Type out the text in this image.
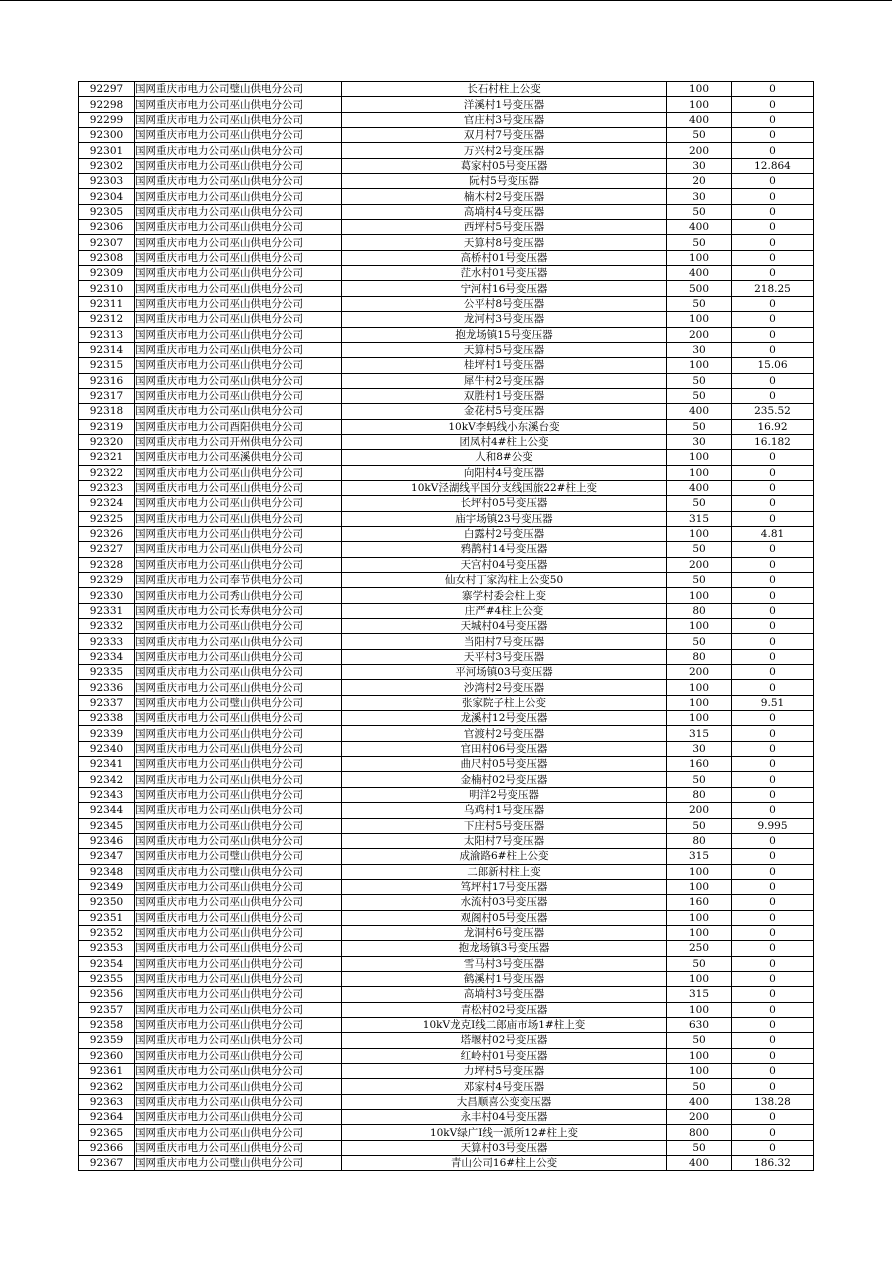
92297	国网重庆市电力公司璧山供电分公司	长石村柱上公变	100	0
92298	国网重庆市电力公司巫山供电分公司	洋溪村1号变压器	100	0
92299	国网重庆市电力公司巫山供电分公司	官庄村3号变压器	400	0
92300	国网重庆市电力公司巫山供电分公司	双月村7号变压器	50	0
92301	国网重庆市电力公司巫山供电分公司	万兴村2号变压器	200	0
92302	国网重庆市电力公司巫山供电分公司	葛家村05号变压器	30	12.864
92303	国网重庆市电力公司巫山供电分公司	阮村5号变压器	20	0
92304	国网重庆市电力公司巫山供电分公司	楠木村2号变压器	30	0
92305	国网重庆市电力公司巫山供电分公司	高埫村4号变压器	50	0
92306	国网重庆市电力公司巫山供电分公司	西坪村5号变压器	400	0
92307	国网重庆市电力公司巫山供电分公司	天算村8号变压器	50	0
92308	国网重庆市电力公司巫山供电分公司	高桥村01号变压器	100	0
92309	国网重庆市电力公司巫山供电分公司	茳水村01号变压器	400	0
92310	国网重庆市电力公司巫山供电分公司	宁河村16号变压器	500	218.25
92311	国网重庆市电力公司巫山供电分公司	公平村8号变压器	50	0
92312	国网重庆市电力公司巫山供电分公司	龙河村3号变压器	100	0
92313	国网重庆市电力公司巫山供电分公司	抱龙场镇15号变压器	200	0
92314	国网重庆市电力公司巫山供电分公司	天算村5号变压器	30	0
92315	国网重庆市电力公司巫山供电分公司	桂坪村1号变压器	100	15.06
92316	国网重庆市电力公司巫山供电分公司	犀牛村2号变压器	50	0
92317	国网重庆市电力公司巫山供电分公司	双胜村1号变压器	50	0
92318	国网重庆市电力公司巫山供电分公司	金花村5号变压器	400	235.52
92319	国网重庆市电力公司酉阳供电分公司	10kV李蚂线小东溪台变	50	16.92
92320	国网重庆市电力公司开州供电分公司	团凤村4#柱上公变	30	16.182
92321	国网重庆市电力公司巫溪供电分公司	人和8#公变	100	0
92322	国网重庆市电力公司巫山供电分公司	向阳村4号变压器	100	0
92323	国网重庆市电力公司巫山供电分公司	10kV泾湖线平国分支线国旅22#柱上变	400	0
92324	国网重庆市电力公司巫山供电分公司	长坪村05号变压器	50	0
92325	国网重庆市电力公司巫山供电分公司	庙宇场镇23号变压器	315	0
92326	国网重庆市电力公司巫山供电分公司	白露村2号变压器	100	4.81
92327	国网重庆市电力公司巫山供电分公司	鸦鹊村14号变压器	50	0
92328	国网重庆市电力公司巫山供电分公司	天宫村04号变压器	200	0
92329	国网重庆市电力公司奉节供电分公司	仙女村丁家沟柱上公变50	50	0
92330	国网重庆市电力公司秀山供电分公司	寨学村委会柱上变	100	0
92331	国网重庆市电力公司长寿供电分公司	庄严#4柱上公变	80	0
92332	国网重庆市电力公司巫山供电分公司	天城村04号变压器	100	0
92333	国网重庆市电力公司巫山供电分公司	当阳村7号变压器	50	0
92334	国网重庆市电力公司巫山供电分公司	天平村3号变压器	80	0
92335	国网重庆市电力公司巫山供电分公司	平河场镇03号变压器	200	0
92336	国网重庆市电力公司巫山供电分公司	沙湾村2号变压器	100	0
92337	国网重庆市电力公司璧山供电分公司	张家院子柱上公变	100	9.51
92338	国网重庆市电力公司巫山供电分公司	龙溪村12号变压器	100	0
92339	国网重庆市电力公司巫山供电分公司	官渡村2号变压器	315	0
92340	国网重庆市电力公司巫山供电分公司	官田村06号变压器	30	0
92341	国网重庆市电力公司巫山供电分公司	曲尺村05号变压器	160	0
92342	国网重庆市电力公司巫山供电分公司	金楠村02号变压器	50	0
92343	国网重庆市电力公司巫山供电分公司	明洋2号变压器	80	0
92344	国网重庆市电力公司巫山供电分公司	乌鸡村1号变压器	200	0
92345	国网重庆市电力公司巫山供电分公司	下庄村5号变压器	50	9.995
92346	国网重庆市电力公司巫山供电分公司	太阳村7号变压器	80	0
92347	国网重庆市电力公司璧山供电分公司	成渝路6#柱上公变	315	0
92348	国网重庆市电力公司璧山供电分公司	二郎新村柱上变	100	0
92349	国网重庆市电力公司巫山供电分公司	笃坪村17号变压器	100	0
92350	国网重庆市电力公司巫山供电分公司	水流村03号变压器	160	0
92351	国网重庆市电力公司巫山供电分公司	观阁村05号变压器	100	0
92352	国网重庆市电力公司巫山供电分公司	龙洞村6号变压器	100	0
92353	国网重庆市电力公司巫山供电分公司	抱龙场镇3号变压器	250	0
92354	国网重庆市电力公司巫山供电分公司	雪马村3号变压器	50	0
92355	国网重庆市电力公司巫山供电分公司	鹤溪村1号变压器	100	0
92356	国网重庆市电力公司巫山供电分公司	高埫村3号变压器	315	0
92357	国网重庆市电力公司巫山供电分公司	青松村02号变压器	100	0
92358	国网重庆市电力公司巫山供电分公司	10kV龙克I线二郎庙市场1#柱上变	630	0
92359	国网重庆市电力公司巫山供电分公司	塔堰村02号变压器	50	0
92360	国网重庆市电力公司巫山供电分公司	红岭村01号变压器	100	0
92361	国网重庆市电力公司巫山供电分公司	力坪村5号变压器	100	0
92362	国网重庆市电力公司巫山供电分公司	邓家村4号变压器	50	0
92363	国网重庆市电力公司巫山供电分公司	大昌顺喜公变变压器	400	138.28
92364	国网重庆市电力公司巫山供电分公司	永丰村04号变压器	200	0
92365	国网重庆市电力公司巫山供电分公司	10kV绿广I线一派所12#柱上变	800	0
92366	国网重庆市电力公司巫山供电分公司	天算村03号变压器	50	0
92367	国网重庆市电力公司璧山供电分公司	青山公司16#柱上公变	400	186.32
